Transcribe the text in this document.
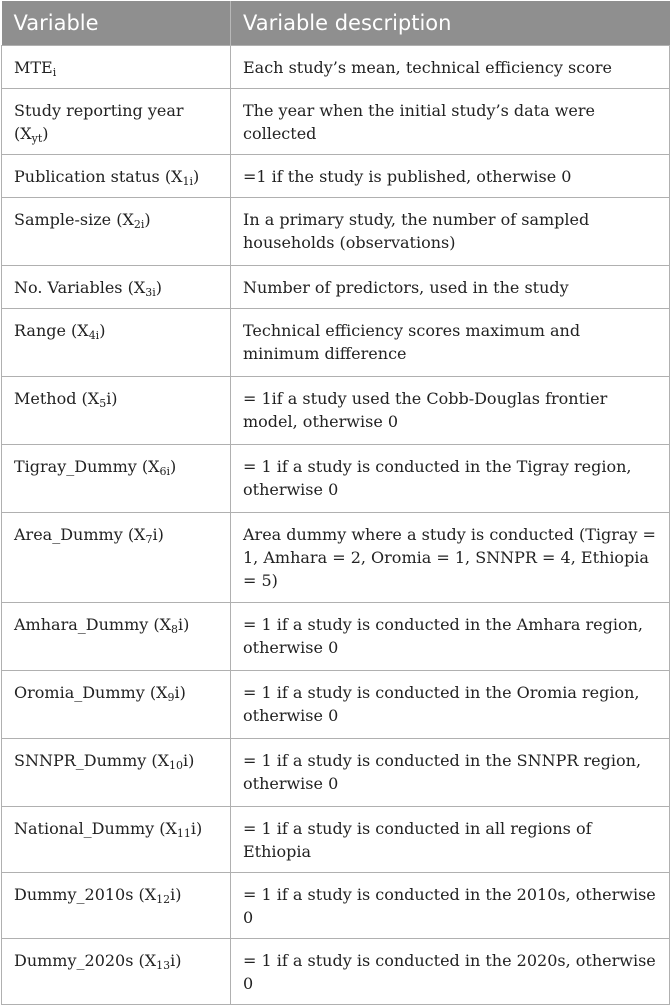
Variable	Variable description
$MTE_i$	Each study’s mean, technical efficiency score
Study reporting year $(X_{yt})$	The year when the initial study’s data were collected
Publication status $(X_{1i})$	=1 if the study is published, otherwise 0
Sample-size $(X_{2i})$	In a primary study, the number of sampled households (observations)
No. Variables $(X_{3i})$	Number of predictors, used in the study
Range $(X_{4i})$	Technical efficiency scores maximum and minimum difference
Method $(X_5i)$	= 1if a study used the Cobb-Douglas frontier model, otherwise 0
Tigray_Dummy $(X_{6i})$	= 1 if a study is conducted in the Tigray region, otherwise 0
Area_Dummy $(X_7i)$	Area dummy where a study is conducted (Tigray = 1, Amhara = 2, Oromia = 1, SNNPR = 4, Ethiopia = 5)
Amhara_Dummy $(X_8i)$	= 1 if a study is conducted in the Amhara region, otherwise 0
Oromia_Dummy $(X_9i)$	= 1 if a study is conducted in the Oromia region, otherwise 0
SNNPR_Dummy $(X_{10}i)$	= 1 if a study is conducted in the SNNPR region, otherwise 0
National_Dummy $(X_{11}i)$	= 1 if a study is conducted in all regions of Ethiopia
Dummy_2010s $(X_{12}i)$	= 1 if a study is conducted in the 2010s, otherwise 0
Dummy_2020s $(X_{13}i)$	= 1 if a study is conducted in the 2020s, otherwise 0
